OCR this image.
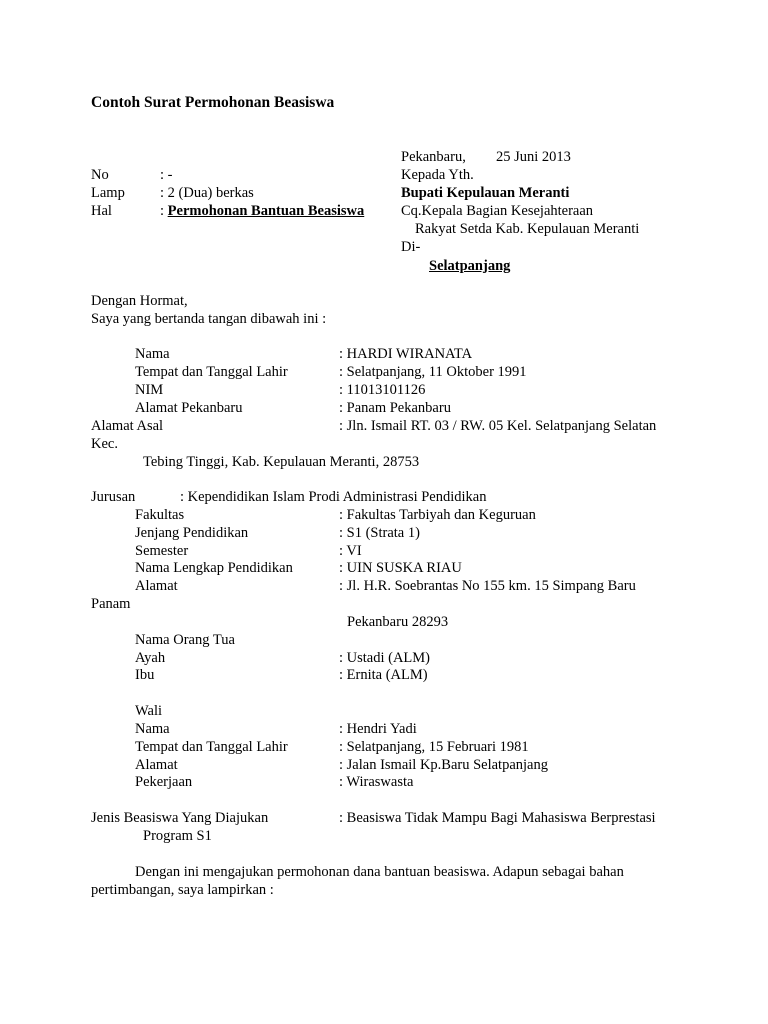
Contoh Surat Permohonan Beasiswa
No	: -
Lamp : 2 (Dua) berkas
Hal	: Permohonan Bantuan Beasiswa
Pekanbaru, 25 Juni 2013
Kepada Yth.
Bupati Kepulauan Meranti
Cq.Kepala Bagian Kesejahteraan
Rakyat Setda Kab. Kepulauan Meranti
Di-
Selatpanjang
Dengan Hormat,
Saya yang bertanda tangan dibawah ini :
Nama	: HARDI WIRANATA
Tempat dan Tanggal Lahir	: Selatpanjang, 11 Oktober 1991
NIM	: 11013101126
Alamat Pekanbaru	: Panam Pekanbaru
Alamat Asal	: Jln. Ismail RT. 03 / RW. 05 Kel. Selatpanjang Selatan
Kec.
Tebing Tinggi, Kab. Kepulauan Meranti, 28753
Jurusan	: Kependidikan Islam Prodi Administrasi Pendidikan
Fakultas	: Fakultas Tarbiyah dan Keguruan
Jenjang Pendidikan	: S1 (Strata 1)
Semester	: VI
Nama Lengkap Pendidikan	: UIN SUSKA RIAU
Alamat	: Jl. H.R. Soebrantas No 155 km. 15 Simpang Baru
Panam
Pekanbaru 28293
Nama Orang Tua
Ayah	: Ustadi (ALM)
Ibu	: Ernita (ALM)
Wali
Nama	: Hendri Yadi
Tempat dan Tanggal Lahir	: Selatpanjang, 15 Februari 1981
Alamat	: Jalan Ismail Kp.Baru Selatpanjang
Pekerjaan	: Wiraswasta
Jenis Beasiswa Yang Diajukan	: Beasiswa Tidak Mampu Bagi Mahasiswa Berprestasi
Program S1
Dengan ini mengajukan permohonan dana bantuan beasiswa. Adapun sebagai bahan
pertimbangan, saya lampirkan :
